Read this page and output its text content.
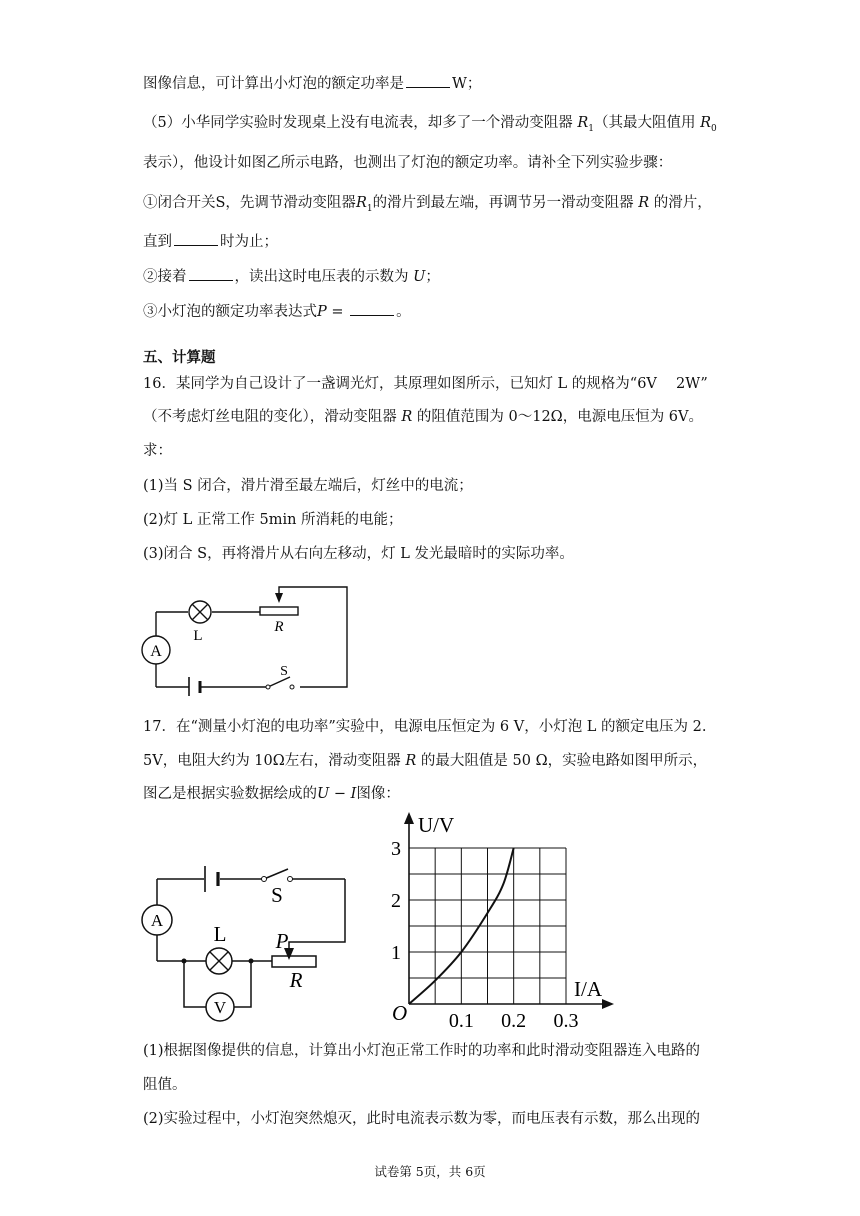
图像信息，可计算出小灯泡的额定功率是	W；
（5）小华同学实验时发现桌上没有电流表，却多了一个滑动变阻器 $R_1$（其最大阻值用 $R_0$
表示），他设计如图乙所示电路，也测出了灯泡的额定功率。请补全下列实验步骤：
①闭合开关S，先调节滑动变阻器$R_1$的滑片到最左端，再调节另一滑动变阻器 R 的滑片，
直到	时为止；
②接着	，读出这时电压表的示数为 U；
③小灯泡的额定功率表达式P =	。
五、计算题
16．某同学为自己设计了一盏调光灯，其原理如图所示，已知灯 L 的规格为“6V　 2W”
（不考虑灯丝电阻的变化），滑动变阻器 R 的阻值范围为 0～12Ω，电源电压恒为 6V。
求：
(1)当 S 闭合，滑片滑至最左端后，灯丝中的电流；
(2)灯 L 正常工作 5min 所消耗的电能；
(3)闭合 S，再将滑片从右向左移动，灯 L 发光最暗时的实际功率。
A
L
R
S
17．在“测量小灯泡的电功率”实验中，电源电压恒定为 6 V，小灯泡 L 的额定电压为 2.
5V，电阻大约为 10Ω左右，滑动变阻器 R 的最大阻值是 50 Ω，实验电路如图甲所示，
图乙是根据实验数据绘成的U − I图像：
A
V
S
L P
R
U/V
I/A
O 0.1 0.2 0.3
1
2
3
(1)根据图像提供的信息，计算出小灯泡正常工作时的功率和此时滑动变阻器连入电路的
阻值。
(2)实验过程中，小灯泡突然熄灭，此时电流表示数为零，而电压表有示数，那么出现的
试卷第 5页，共 6页
